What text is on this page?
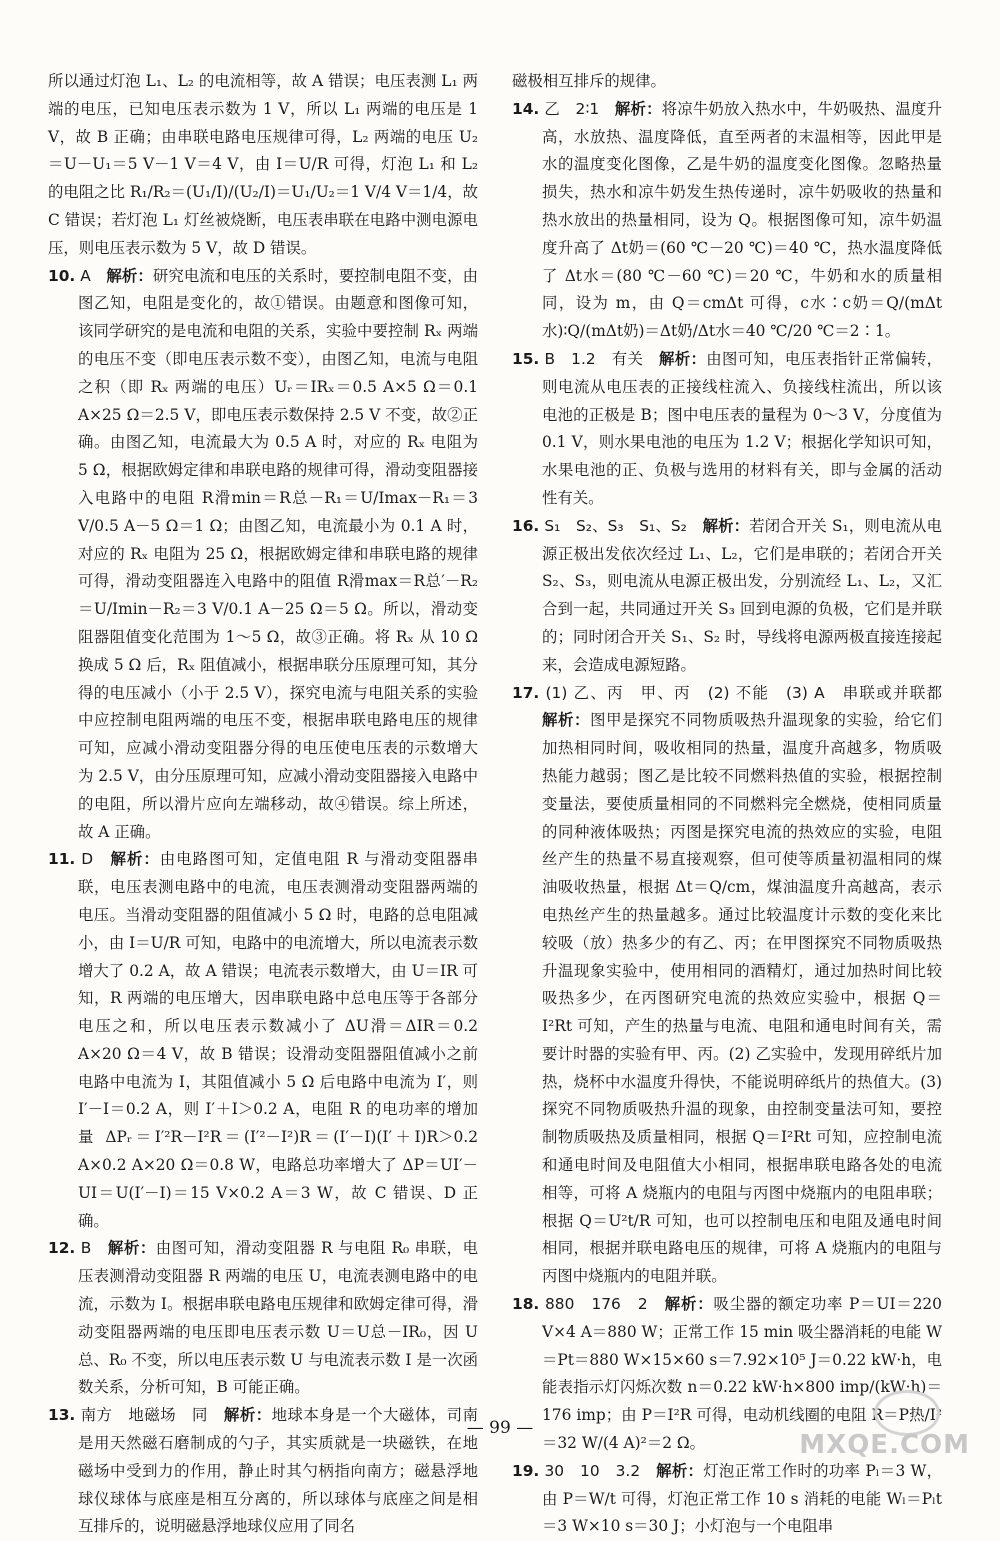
所以通过灯泡 L₁、L₂ 的电流相等，故 A 错误；电压表测 L₁ 两端的电压，已知电压表示数为 1 V，所以 L₁ 两端的电压是 1 V，故 B 正确；由串联电路电压规律可得，L₂ 两端的电压 U₂＝U－U₁＝5 V－1 V＝4 V，由 I＝U/R 可得，灯泡 L₁ 和 L₂ 的电阻之比 R₁/R₂＝(U₁/I)/(U₂/I)＝U₁/U₂＝1 V/4 V＝1/4，故 C 错误；若灯泡 L₁ 灯丝被烧断，电压表串联在电路中测电源电压，则电压表示数为 5 V，故 D 错误。

10. A　 解析：研究电流和电压的关系时，要控制电阻不变，由图乙知，电阻是变化的，故①错误。由题意和图像可知，该同学研究的是电流和电阻的关系，实验中要控制 Rₓ 两端的电压不变（即电压表示数不变），由图乙知，电流与电阻之积（即 Rₓ 两端的电压）Uᵣ＝IRₓ＝0.5 A×5 Ω＝0.1 A×25 Ω＝2.5 V，即电压表示数保持 2.5 V 不变，故②正确。由图乙知，电流最大为 0.5 A 时，对应的 Rₓ 电阻为 5 Ω，根据欧姆定律和串联电路的规律可得，滑动变阻器接入电路中的电阻 R滑min＝R总－R₁＝U/Imax－R₁＝3 V/0.5 A－5 Ω＝1 Ω；由图乙知，电流最小为 0.1 A 时，对应的 Rₓ 电阻为 25 Ω，根据欧姆定律和串联电路的规律可得，滑动变阻器连入电路中的阻值 R滑max＝R总′－R₂＝U/Imin－R₂＝3 V/0.1 A－25 Ω＝5 Ω。所以，滑动变阻器阻值变化范围为 1～5 Ω，故③正确。将 Rₓ 从 10 Ω 换成 5 Ω 后，Rₓ 阻值减小，根据串联分压原理可知，其分得的电压减小（小于 2.5 V），探究电流与电阻关系的实验中应控制电阻两端的电压不变，根据串联电路电压的规律可知，应减小滑动变阻器分得的电压使电压表的示数增大为 2.5 V，由分压原理可知，应减小滑动变阻器接入电路中的电阻，所以滑片应向左端移动，故④错误。综上所述，故 A 正确。

11. D　 解析：由电路图可知，定值电阻 R 与滑动变阻器串联，电压表测电路中的电流，电压表测滑动变阻器两端的电压。当滑动变阻器的阻值减小 5 Ω 时，电路的总电阻减小，由 I＝U/R 可知，电路中的电流增大，所以电流表示数增大了 0.2 A，故 A 错误；电流表示数增大，由 U＝IR 可知，R 两端的电压增大，因串联电路中总电压等于各部分电压之和，所以电压表示数减小了 ΔU滑＝ΔIR＝0.2 A×20 Ω＝4 V，故 B 错误；设滑动变阻器阻值减小之前电路中电流为 I，其阻值减小 5 Ω 后电路中电流为 I′，则 I′－I＝0.2 A，则 I′＋I＞0.2 A，电阻 R 的电功率的增加量 ΔPᵣ＝I′²R－I²R＝(I′²－I²)R＝(I′－I)(I′＋I)R＞0.2 A×0.2 A×20 Ω＝0.8 W，电路总功率增大了 ΔP＝UI′－UI＝U(I′－I)＝15 V×0.2 A＝3 W，故 C 错误、D 正确。

12. B　 解析：由图可知，滑动变阻器 R 与电阻 R₀ 串联，电压表测滑动变阻器 R 两端的电压 U，电流表测电路中的电流，示数为 I。根据串联电路电压规律和欧姆定律可得，滑动变阻器两端的电压即电压表示数 U＝U总－IR₀，因 U总、R₀ 不变，所以电压表示数 U 与电流表示数 I 是一次函数关系，分析可知，B 可能正确。

13. 南方　地磁场　同　 解析：地球本身是一个大磁体，司南是用天然磁石磨制成的勺子，其实质就是一块磁铁，在地磁场中受到力的作用，静止时其勺柄指向南方；磁悬浮地球仪球体与底座是相互分离的，所以球体与底座之间是相互排斥的，说明磁悬浮地球仪应用了同名

磁极相互排斥的规律。

14. 乙　2∶1　 解析：将凉牛奶放入热水中，牛奶吸热、温度升高，水放热、温度降低，直至两者的末温相等，因此甲是水的温度变化图像，乙是牛奶的温度变化图像。忽略热量损失，热水和凉牛奶发生热传递时，凉牛奶吸收的热量和热水放出的热量相同，设为 Q。根据图像可知，凉牛奶温度升高了 Δt奶＝(60 ℃－20 ℃)＝40 ℃，热水温度降低了 Δt水＝(80 ℃－60 ℃)＝20 ℃，牛奶和水的质量相同，设为 m，由 Q＝cmΔt 可得，c水∶c奶＝Q/(mΔt水)∶Q/(mΔt奶)＝Δt奶/Δt水＝40 ℃/20 ℃＝2∶1。

15. B　1.2　有关　 解析：由图可知，电压表指针正常偏转，则电流从电压表的正接线柱流入、负接线柱流出，所以该电池的正极是 B；图中电压表的量程为 0～3 V，分度值为 0.1 V，则水果电池的电压为 1.2 V；根据化学知识可知，水果电池的正、负极与选用的材料有关，即与金属的活动性有关。

16. S₁　S₂、S₃　S₁、S₂　 解析：若闭合开关 S₁，则电流从电源正极出发依次经过 L₁、L₂，它们是串联的；若闭合开关 S₂、S₃，则电流从电源正极出发，分别流经 L₁、L₂，又汇合到一起，共同通过开关 S₃ 回到电源的负极，它们是并联的；同时闭合开关 S₁、S₂ 时，导线将电源两极直接连接起来，会造成电源短路。

17. (1) 乙、丙　甲、丙　(2) 不能　(3) A　串联或并联都　解析：图甲是探究不同物质吸热升温现象的实验，给它们加热相同时间，吸收相同的热量，温度升高越多，物质吸热能力越弱；图乙是比较不同燃料热值的实验，根据控制变量法，要使质量相同的不同燃料完全燃烧，使相同质量的同种液体吸热；丙图是探究电流的热效应的实验，电阻丝产生的热量不易直接观察，但可使等质量初温相同的煤油吸收热量，根据 Δt＝Q/cm，煤油温度升高越高，表示电热丝产生的热量越多。通过比较温度计示数的变化来比较吸（放）热多少的有乙、丙；在甲图探究不同物质吸热升温现象实验中，使用相同的酒精灯，通过加热时间比较吸热多少，在丙图研究电流的热效应实验中，根据 Q＝I²Rt 可知，产生的热量与电流、电阻和通电时间有关，需要计时器的实验有甲、丙。(2) 乙实验中，发现用碎纸片加热，烧杯中水温度升得快，不能说明碎纸片的热值大。(3) 探究不同物质吸热升温的现象，由控制变量法可知，要控制物质吸热及质量相同，根据 Q＝I²Rt 可知，应控制电流和通电时间及电阻值大小相同，根据串联电路各处的电流相等，可将 A 烧瓶内的电阻与丙图中烧瓶内的电阻串联；根据 Q＝U²t/R 可知，也可以控制电压和电阻及通电时间相同，根据并联电路电压的规律，可将 A 烧瓶内的电阻与丙图中烧瓶内的电阻并联。

18. 880　176　2　 解析：吸尘器的额定功率 P＝UI＝220 V×4 A＝880 W；正常工作 15 min 吸尘器消耗的电能 W＝Pt＝880 W×15×60 s＝7.92×10⁵ J＝0.22 kW·h，电能表指示灯闪烁次数 n＝0.22 kW·h×800 imp/(kW·h)＝176 imp；由 P＝I²R 可得，电动机线圈的电阻 R＝P热/I²＝32 W/(4 A)²＝2 Ω。

19. 30　10　3.2　 解析：灯泡正常工作时的功率 Pₗ＝3 W，由 P＝W/t 可得，灯泡正常工作 10 s 消耗的电能 Wₗ＝Pₗt＝3 W×10 s＝30 J；小灯泡与一个电阻串

— 99 —
MXQE.COM
